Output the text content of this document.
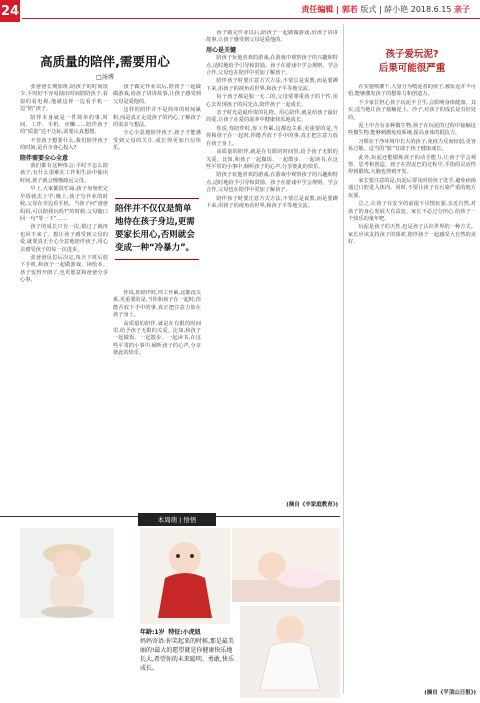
24	责任编辑 | 郭若 版式 | 薛小艳 2018.6.15 亲子
高质量的陪伴,需要用心
□汤博

张爸爸长期加班,陪孩子的时间很少,平时好不容易抽出时间陪陪孩子,看似的看电视,他就这样一边看手机一边“陪”孩子。

陪伴本身就是一件简单的事,时间、工作、手机、应酬……陪伴孩子的“质量”达不达标,需要认真想想。

不管孩子想要什么,我们陪伴孩子的时间,是否全身心投入?

陪伴需要全心全意

我们都有这种体会:平时不怎么陪孩子,有什么很难在工作和生活中抽出时间,孩子就会慢慢疏远父母。

早上,大家都很忙碌,孩子匆匆吃完早饭就去上学;晚上,孩子写作业的时候,父母在旁边看手机。当孩子问“爸爸妈妈,可以陪我玩吗?”的时候,父母随口回一句“等一下”……

孩子的成长只有一次,错过了就再也回不来了。想让孩子感受到父母的爱,就要真正全心全意地陪伴孩子,用心去感受孩子的每一次进步。

张爸爸反思后决定,每天下班后放下手机,和孩子一起做游戏、读绘本。孩子变得开朗了,也更愿意和爸爸分享心事。

孩子做完作业以后,陪孩子一起做做游戏,给孩子讲讲故事,让孩子感受到父母是爱他的。

这样的陪伴并不是简单的时间累积,而是真正走进孩子的内心,了解孩子的需求与想法。

全心全意地陪伴孩子,孩子才能感受到父母的关注,成长得更加自信快乐。

陪伴并不仅仅是简单地待在孩子身边,更需要家长用心,否则就会变成一种“冷暴力”。

你说,你陪伴时,你工作累,这都没关系,更重要的是,当你和孩子在一起时,你能否放下手中的事,真正把注意力放在孩子身上。

高质量的陪伴,就是在有限的时间里,给予孩子无限的关爱。比如,和孩子一起做饭、一起散步、一起读书,在这些平常的小事中,倾听孩子的心声,分享彼此的快乐。

孩子做完作业以后,陪孩子一起做做游戏,给孩子讲讲故事,让孩子感受到父母是爱他的。

用心是关键

陪孩子玩他喜欢的游戏,在游戏中观察孩子的兴趣和特点,适时地给予引导和鼓励。孩子在游戏中学会规则、学会合作,父母也在陪伴中更加了解孩子。

陪伴孩子时要注意方式方法,不要总是说教,而是要蹲下来,用孩子的视角看世界,和孩子平等地交流。

每个孩子都是独一无二的,父母要尊重孩子的个性,用心去发现孩子的闪光点,陪伴孩子一起成长。

亲子时光是最珍贵的礼物。用心陪伴,就是给孩子最好的爱,让孩子在爱的滋养中健康快乐地成长。

你说,你陪伴时,你工作累,这都没关系,更重要的是,当你和孩子在一起时,你能否放下手中的事,真正把注意力放在孩子身上。

高质量的陪伴,就是在有限的时间里,给予孩子无限的关爱。比如,和孩子一起做饭、一起散步、一起读书,在这些平常的小事中,倾听孩子的心声,分享彼此的快乐。

陪孩子玩他喜欢的游戏,在游戏中观察孩子的兴趣和特点,适时地给予引导和鼓励。孩子在游戏中学会规则、学会合作,父母也在陪伴中更加了解孩子。

陪伴孩子时要注意方式方法,不要总是说教,而是要蹲下来,用孩子的视角看世界,和孩子平等地交流。

(摘自《辛家庭教育》)
孩子爱玩泥?
后果可能很严重

在实施喷灌下,人身分为喂泥者的孩子,被玩泥并不可怕,能够激发孩子的想象力和创造力。

不少家长担心孩子玩泥不卫生,会影响身体健康。其实,适当地让孩子接触泥土、沙子,对孩子的成长是有好处的。

泥土中含有多种微生物,孩子在玩泥的过程中接触这些微生物,能够刺激免疫系统,提高身体的抵抗力。

习惯在干净环境中长大的孩子,免疫力反而较弱,更容易过敏。适当的“脏”有助于孩子健康成长。

此外,玩泥还能锻炼孩子的动手能力,让孩子学会观察、思考和创造。孩子在捏泥巴的过程中,手指的灵活性得到锻炼,大脑也得到开发。

家长要注意的是,玩泥后要及时给孩子洗手,避免病菌通过口腔进入体内。同时,不要让孩子在污染严重的地方玩耍。

总之,让孩子在安全的前提下尽情玩耍,亲近自然,对孩子的身心发展大有益处。家长不必过分担心,给孩子一个快乐的童年吧。

玩泥是孩子的天性,也是孩子认识世界的一种方式。家长应该支持孩子的探索,陪伴孩子一起感受大自然的美好。

(摘自《平顶山日报》)
本周萌 | 悟悟
年龄:1岁 特征:小虎妞
妈妈寄语:你笑起来的时候,那是最美丽的!最大的愿望就是你健康快乐地长大,希望你的未来聪明、勇敢,快乐成长。
